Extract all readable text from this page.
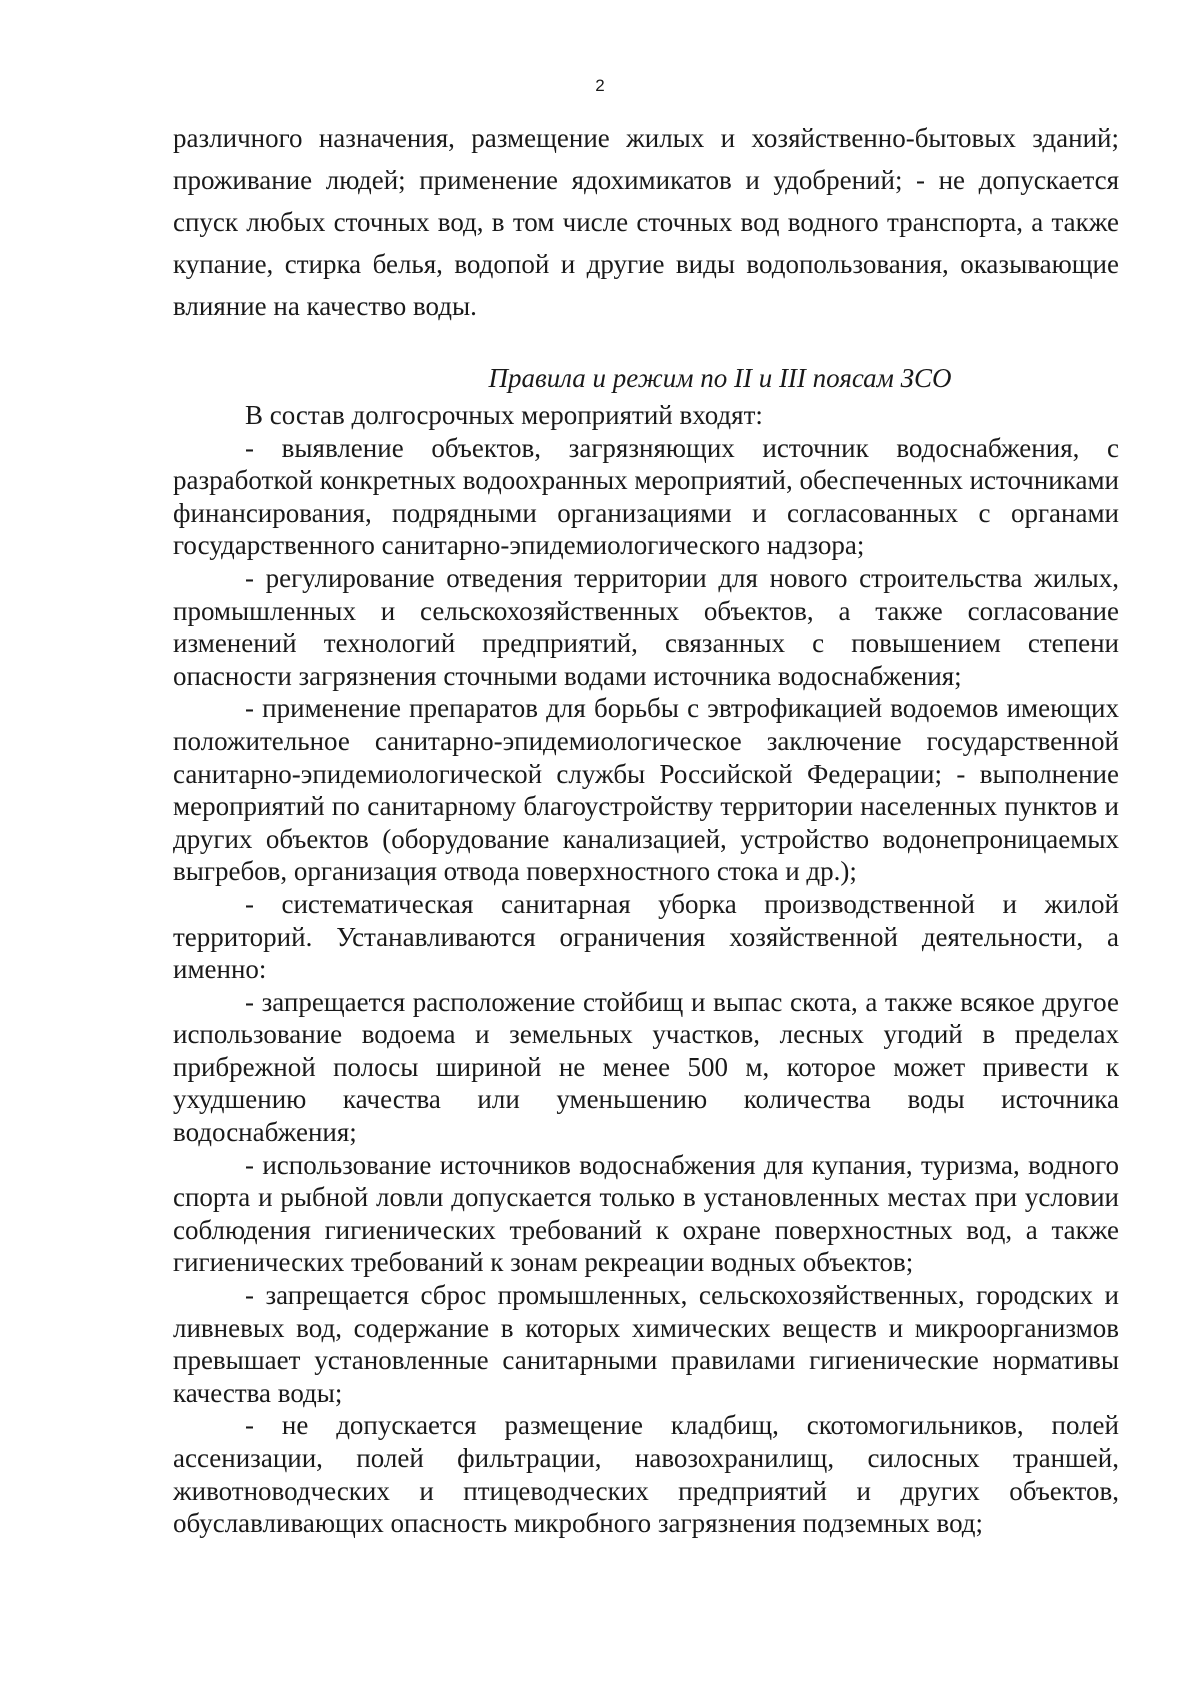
2

различного назначения, размещение жилых и хозяйственно-бытовых зданий; проживание людей; применение ядохимикатов и удобрений; - не допускается спуск любых сточных вод, в том числе сточных вод водного транспорта, а также купание, стирка белья, водопой и другие виды водопользования, оказывающие влияние на качество воды.

Правила и режим по II и III поясам ЗСО

В состав долгосрочных мероприятий входят:

- выявление объектов, загрязняющих источник водоснабжения, с разработкой конкретных водоохранных мероприятий, обеспеченных источниками финансирования, подрядными организациями и согласованных с органами государственного санитарно-эпидемиологического надзора;

- регулирование отведения территории для нового строительства жилых, промышленных и сельскохозяйственных объектов, а также согласование изменений технологий предприятий, связанных с повышением степени опасности загрязнения сточными водами источника водоснабжения;

- применение препаратов для борьбы с эвтрофикацией водоемов имеющих положительное санитарно-эпидемиологическое заключение государственной санитарно-эпидемиологической службы Российской Федерации; - выполнение мероприятий по санитарному благоустройству территории населенных пунктов и других объектов (оборудование канализацией, устройство водонепроницаемых выгребов, организация отвода поверхностного стока и др.);

- систематическая санитарная уборка производственной и жилой территорий. Устанавливаются ограничения хозяйственной деятельности, а именно:

- запрещается расположение стойбищ и выпас скота, а также всякое другое использование водоема и земельных участков, лесных угодий в пределах прибрежной полосы шириной не менее 500 м, которое может привести к ухудшению качества или уменьшению количества воды источника водоснабжения;

- использование источников водоснабжения для купания, туризма, водного спорта и рыбной ловли допускается только в установленных местах при условии соблюдения гигиенических требований к охране поверхностных вод, а также гигиенических требований к зонам рекреации водных объектов;

- запрещается сброс промышленных, сельскохозяйственных, городских и ливневых вод, содержание в которых химических веществ и микроорганизмов превышает установленные санитарными правилами гигиенические нормативы качества воды;

- не допускается размещение кладбищ, скотомогильников, полей ассенизации, полей фильтрации, навозохранилищ, силосных траншей, животноводческих и птицеводческих предприятий и других объектов, обуславливающих опасность микробного загрязнения подземных вод;
